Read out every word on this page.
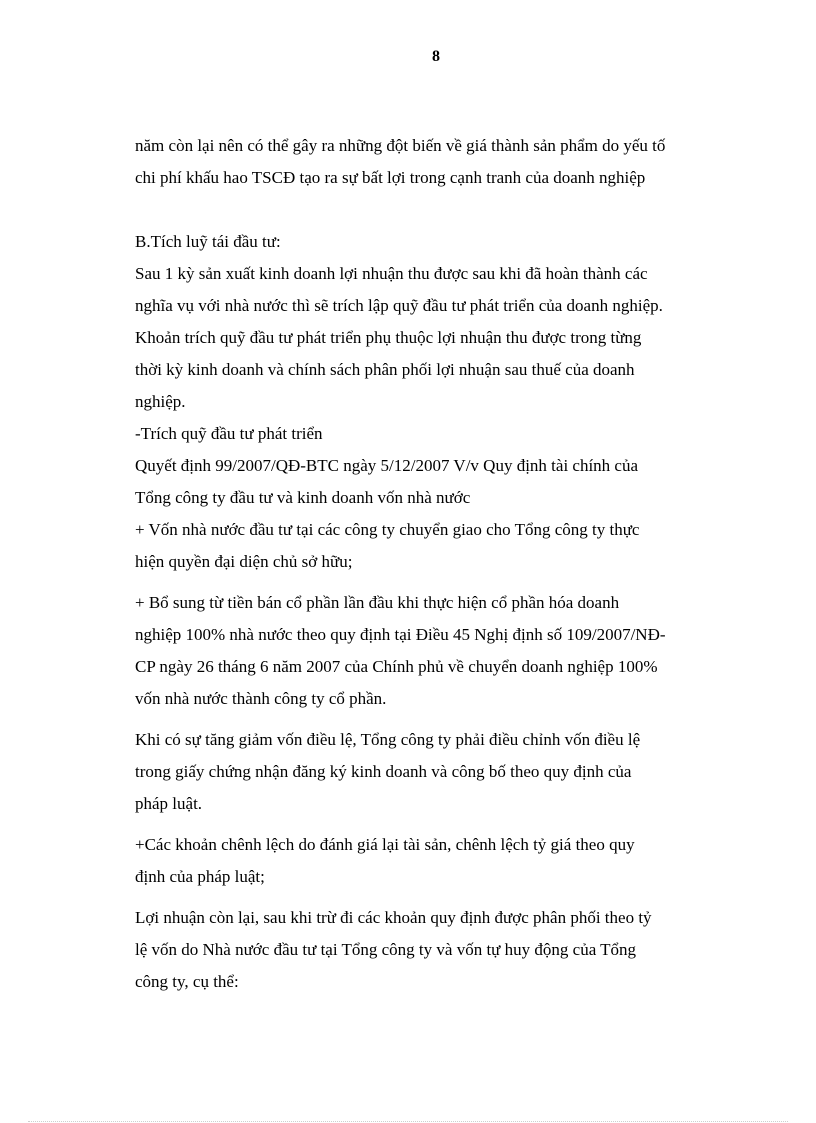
8
năm còn lại nên có thể gây ra những đột biến về giá thành sản phẩm do yếu tố
chi phí khấu hao TSCĐ tạo ra sự bất lợi trong cạnh tranh của doanh nghiệp
B.Tích luỹ tái đầu tư:
Sau 1 kỳ sản xuất kinh doanh lợi nhuận thu được sau khi đã hoàn thành các
nghĩa vụ với nhà nước thì sẽ trích lập quỹ đầu tư phát triển của doanh nghiệp.
Khoản trích quỹ đầu tư phát triển phụ thuộc lợi nhuận thu được trong từng
thời kỳ kinh doanh và chính sách phân phối lợi nhuận sau thuế của doanh
nghiệp.
-Trích quỹ đầu tư phát triển
Quyết định 99/2007/QĐ-BTC ngày 5/12/2007 V/v Quy định tài chính của
Tổng công ty đầu tư và kinh doanh vốn nhà nước
+ Vốn nhà nước đầu tư tại các công ty chuyển giao cho Tổng công ty thực
hiện quyền đại diện chủ sở hữu;
+ Bổ sung từ tiền bán cổ phần lần đầu khi thực hiện cổ phần hóa doanh
nghiệp 100% nhà nước theo quy định tại Điều 45 Nghị định số 109/2007/NĐ-
CP ngày 26 tháng 6 năm 2007 của Chính phủ về chuyển doanh nghiệp 100%
vốn nhà nước thành công ty cổ phần.
Khi có sự tăng giảm vốn điều lệ, Tổng công ty phải điều chỉnh vốn điều lệ
trong giấy chứng nhận đăng ký kinh doanh và công bố theo quy định của
pháp luật.
+Các khoản chênh lệch do đánh giá lại tài sản, chênh lệch tỷ giá theo quy
định của pháp luật;
Lợi nhuận còn lại, sau khi trừ đi các khoản quy định được phân phối theo tỷ
lệ vốn do Nhà nước đầu tư tại Tổng công ty và vốn tự huy động của Tổng
công ty, cụ thể:
